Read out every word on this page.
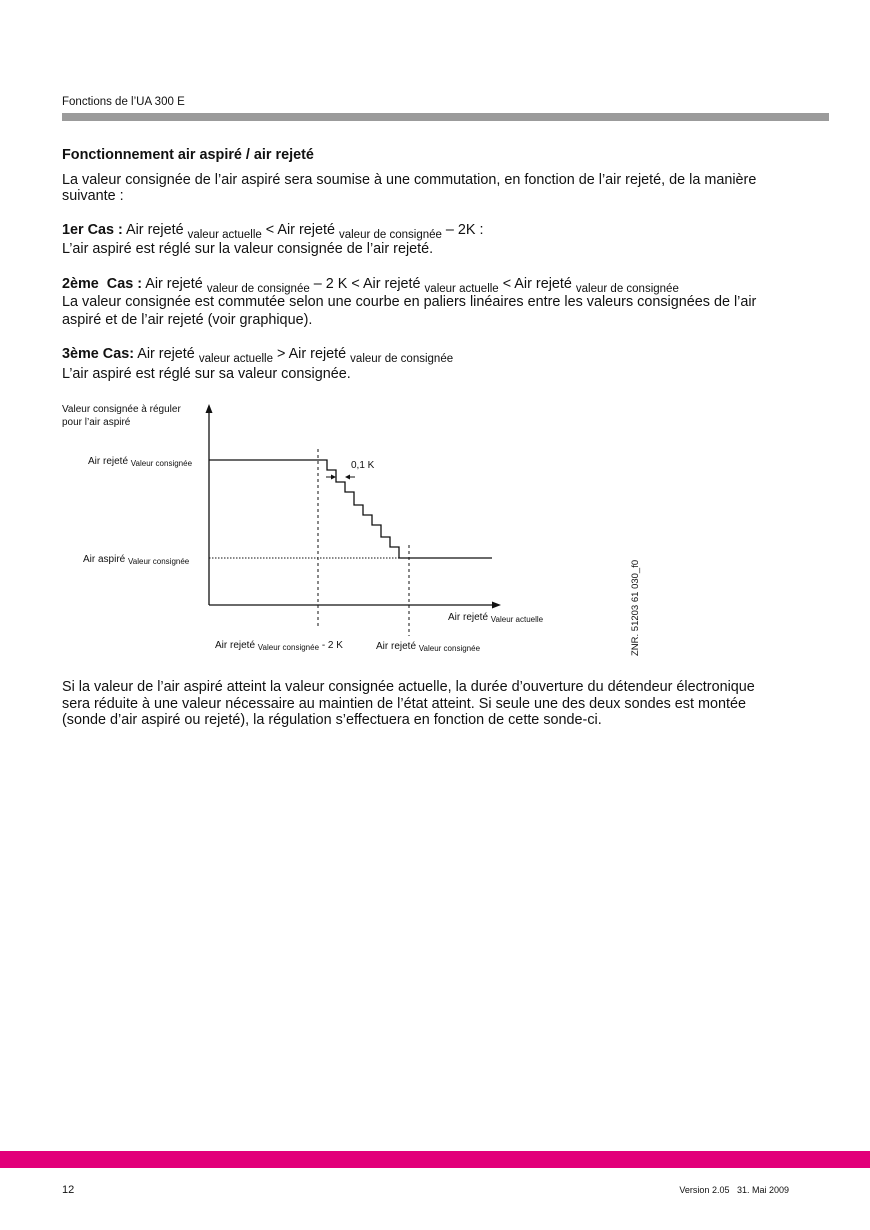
Fonctions de l’UA 300 E
Fonctionnement air aspiré / air rejeté
La valeur consignée de l’air aspiré sera soumise à une commutation, en fonction de l’air rejeté, de la manière
suivante :
1er Cas : Air rejeté $_{valeur actuelle}$ < Air rejeté $_{valeur de consignée}$ – 2K :
L’air aspiré est réglé sur la valeur consignée de l’air rejeté.
2ème  Cas : Air rejeté $_{valeur de consignée}$ – 2 K < Air rejeté $_{valeur actuelle}$ < Air rejeté $_{valeur de consignée}$
La valeur consignée est commutée selon une courbe en paliers linéaires entre les valeurs consignées de l’air
aspiré et de l’air rejeté (voir graphique).
3ème Cas: Air rejeté $_{valeur actuelle}$ > Air rejeté $_{valeur de consignée}$
L’air aspiré est réglé sur sa valeur consignée.
Valeur consignée à réguler
pour l’air aspiré
Air rejeté $_{Valeur consignée}$	0,1 K
Air aspiré $_{Valeur consignée}$
Air rejeté $_{Valeur actuelle}$
Air rejeté $_{Valeur consignée}$ - 2 K	Air rejeté $_{Valeur consignée}$	ZNR. 51203 61 030_f0
Si la valeur de l’air aspiré atteint la valeur consignée actuelle, la durée d’ouverture du détendeur électronique
sera réduite à une valeur nécessaire au maintien de l’état atteint. Si seule une des deux sondes est montée
(sonde d’air aspiré ou rejeté), la régulation s’effectuera en fonction de cette sonde-ci.
12	Version 2.05   31. Mai 2009
